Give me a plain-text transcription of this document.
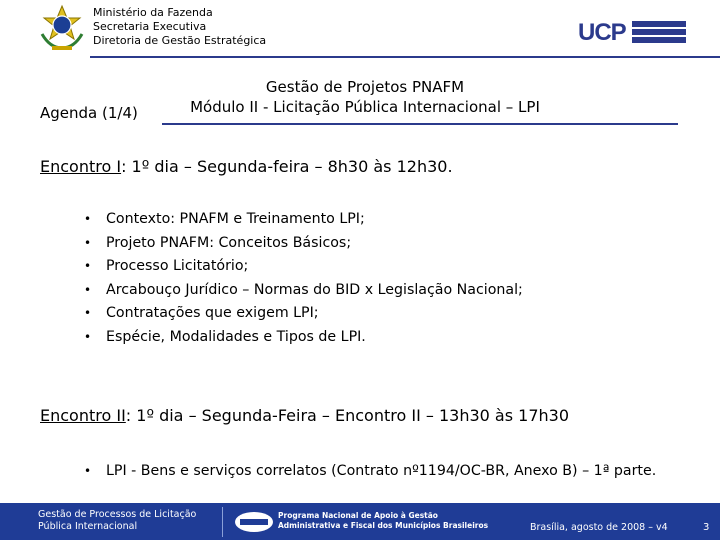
Ministério da Fazenda
Secretaria Executiva
Diretoria de Gestão Estratégica	UCP
Gestão de Projetos PNAFM
Módulo II - Licitação Pública Internacional – LPI
Agenda (1/4)
Encontro I: 1º dia – Segunda-feira – 8h30 às 12h30.
• Contexto: PNAFM e Treinamento LPI;
• Projeto PNAFM: Conceitos Básicos;
• Processo Licitatório;
• Arcabouço Jurídico – Normas do BID x Legislação Nacional;
• Contratações que exigem LPI;
• Espécie, Modalidades e Tipos de LPI.
Encontro II: 1º dia – Segunda-Feira – Encontro II – 13h30 às 17h30
• LPI - Bens e serviços correlatos (Contrato nº1194/OC-BR, Anexo B) – 1ª parte.
Gestão de Processos de Licitação
Pública Internacional
Programa Nacional de Apoio à Gestão
Administrativa e Fiscal dos Municípios Brasileiros	Brasília, agosto de 2008 – v4	3
